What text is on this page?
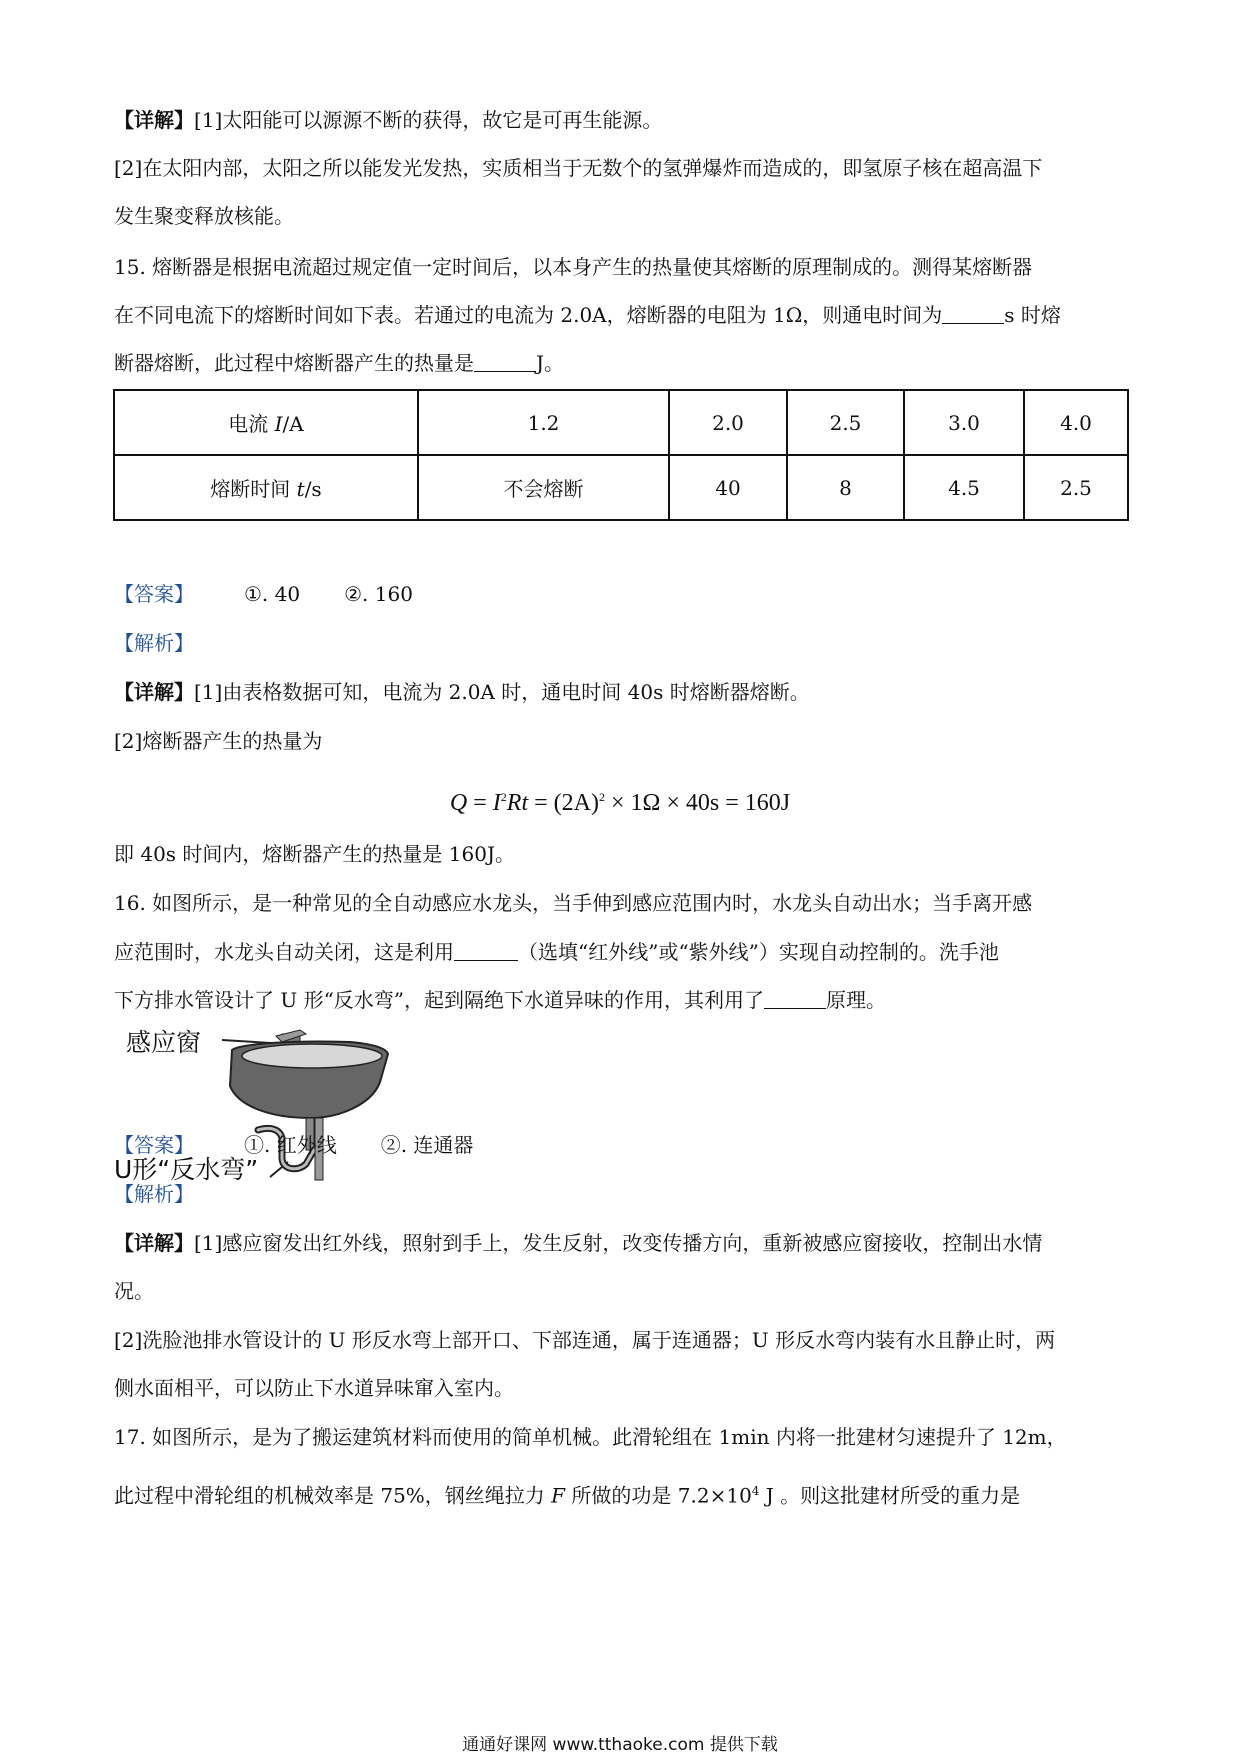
【详解】[1]太阳能可以源源不断的获得，故它是可再生能源。
[2]在太阳内部，太阳之所以能发光发热，实质相当于无数个的氢弹爆炸而造成的，即氢原子核在超高温下
发生聚变释放核能。
15. 熔断器是根据电流超过规定值一定时间后，以本身产生的热量使其熔断的原理制成的。测得某熔断器
在不同电流下的熔断时间如下表。若通过的电流为 2.0A，熔断器的电阻为 1Ω，则通电时间为	s 时熔
断器熔断，此过程中熔断器产生的热量是	J。
电流 I/A	1.2	2.0	2.5	3.0	4.0
熔断时间 t/s	不会熔断	40	8	4.5	2.5
【答案】	①. 40 ②. 160
【解析】
【详解】[1]由表格数据可知，电流为 2.0A 时，通电时间 40s 时熔断器熔断。
[2]熔断器产生的热量为
$Q = I^2Rt = (2A)^2 \times 1\Omega \times 40s = 160J$
即 40s 时间内，熔断器产生的热量是 160J。
16. 如图所示，是一种常见的全自动感应水龙头，当手伸到感应范围内时，水龙头自动出水；当手离开感
应范围时，水龙头自动关闭，这是利用	（选填“红外线”或“紫外线”）实现自动控制的。洗手池
下方排水管设计了 U 形“反水弯”，起到隔绝下水道异味的作用，其利用了	原理。
感应窗
U形“反水弯”
【答案】	①. 红外线 ②. 连通器
【解析】
【详解】[1]感应窗发出红外线，照射到手上，发生反射，改变传播方向，重新被感应窗接收，控制出水情
况。
[2]洗脸池排水管设计的 U 形反水弯上部开口、下部连通，属于连通器；U 形反水弯内装有水且静止时，两
侧水面相平，可以防止下水道异味窜入室内。
17. 如图所示，是为了搬运建筑材料而使用的简单机械。此滑轮组在 1min 内将一批建材匀速提升了 12m，
此过程中滑轮组的机械效率是 75%，钢丝绳拉力 F 所做的功是 $7.2\times 10^4$ J 。则这批建材所受的重力是
通通好课网 www.tthaoke.com 提供下载
